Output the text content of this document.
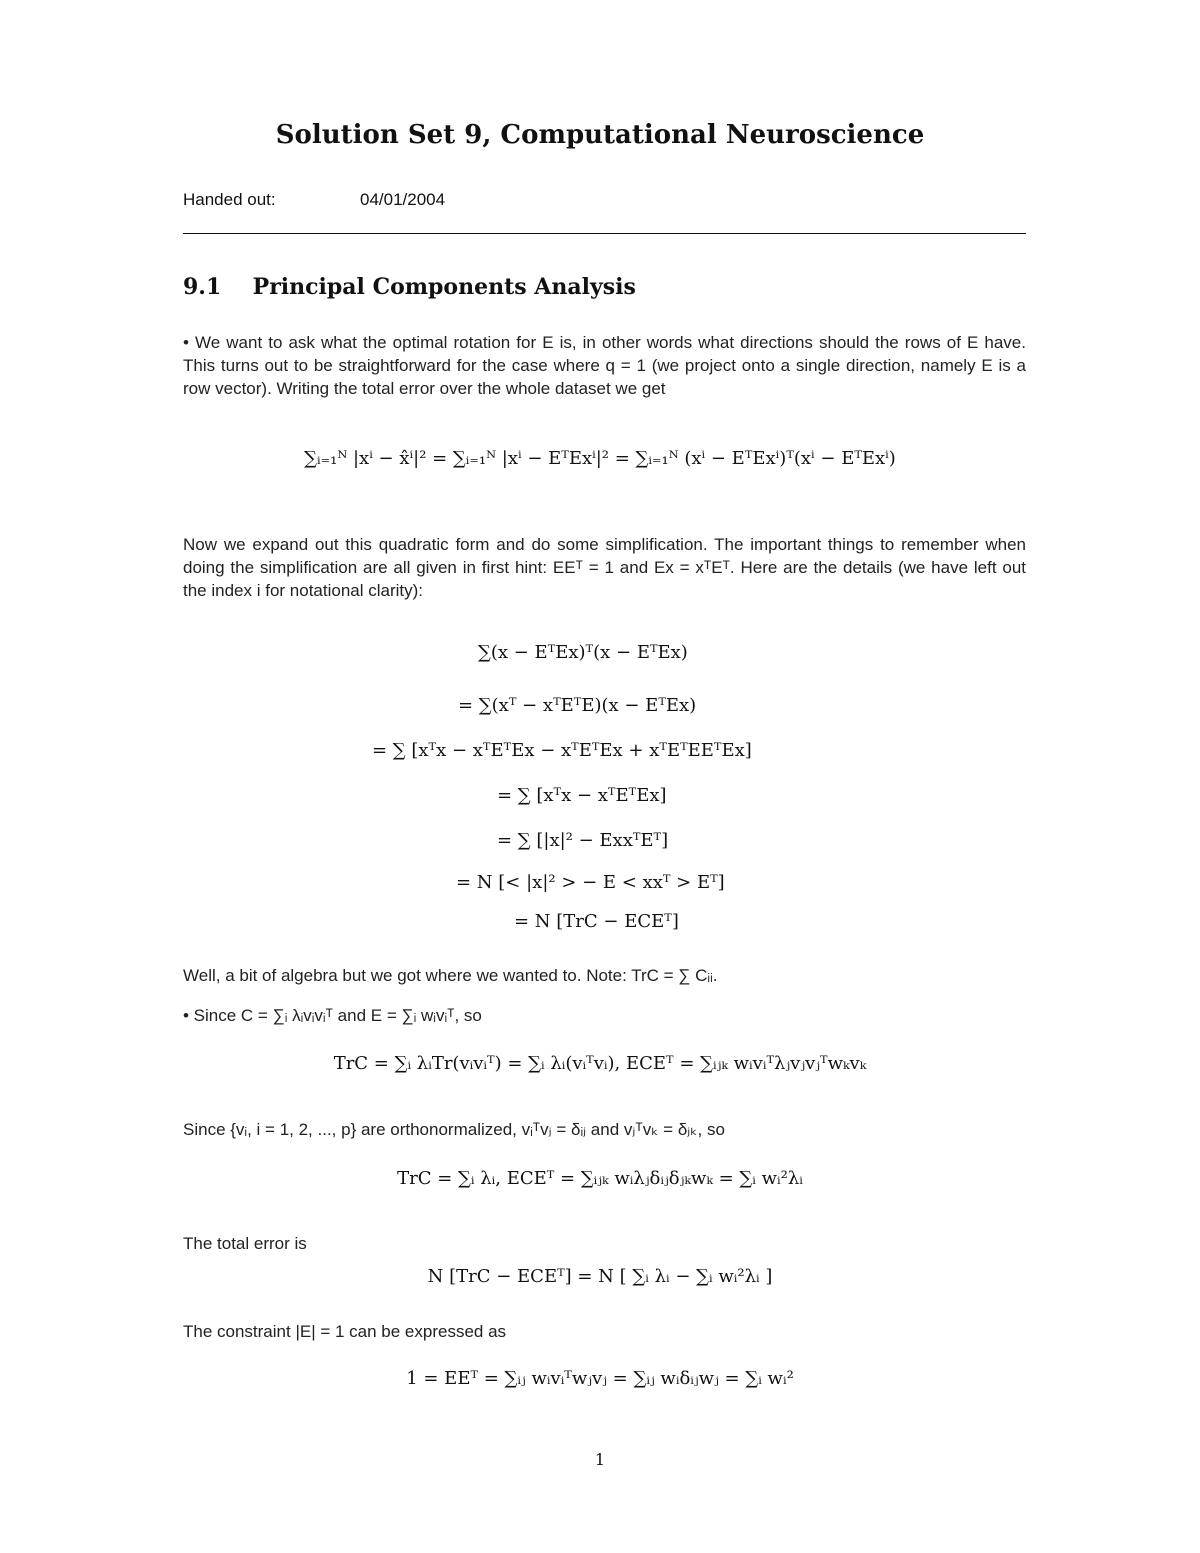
Solution Set 9, Computational Neuroscience
Handed out:	04/01/2004
9.1 Principal Components Analysis
• We want to ask what the optimal rotation for E is, in other words what directions should the rows of E have. This turns out to be straightforward for the case where q = 1 (we project onto a single direction, namely E is a row vector). Writing the total error over the whole dataset we get
∑ᵢ₌₁ᴺ |xⁱ − x̂ⁱ|² = ∑ᵢ₌₁ᴺ |xⁱ − EᵀExⁱ|² = ∑ᵢ₌₁ᴺ (xⁱ − EᵀExⁱ)ᵀ(xⁱ − EᵀExⁱ)
Now we expand out this quadratic form and do some simplification. The important things to remember when doing the simplification are all given in first hint: EEᵀ = 1 and Ex = xᵀEᵀ. Here are the details (we have left out the index i for notational clarity):
∑(x − EᵀEx)ᵀ(x − EᵀEx)
= ∑(xᵀ − xᵀEᵀE)(x − EᵀEx)
= ∑ [xᵀx − xᵀEᵀEx − xᵀEᵀEx + xᵀEᵀEEᵀEx]
= ∑ [xᵀx − xᵀEᵀEx]
= ∑ [|x|² − ExxᵀEᵀ]
= N [< |x|² > − E < xxᵀ > Eᵀ]
= N [TrC − ECEᵀ]
Well, a bit of algebra but we got where we wanted to. Note: TrC = ∑ Cᵢᵢ.
• Since C = ∑ᵢ λᵢvᵢvᵢᵀ and E = ∑ᵢ wᵢvᵢᵀ, so
TrC = ∑ᵢ λᵢTr(vᵢvᵢᵀ) = ∑ᵢ λᵢ(vᵢᵀvᵢ), ECEᵀ = ∑ᵢⱼₖ wᵢvᵢᵀλⱼvⱼvⱼᵀwₖvₖ
Since {vᵢ, i = 1, 2, ..., p} are orthonormalized, vᵢᵀvⱼ = δᵢⱼ and vⱼᵀvₖ = δⱼₖ, so
TrC = ∑ᵢ λᵢ, ECEᵀ = ∑ᵢⱼₖ wᵢλⱼδᵢⱼδⱼₖwₖ = ∑ᵢ wᵢ²λᵢ
The total error is
N [TrC − ECEᵀ] = N [ ∑ᵢ λᵢ − ∑ᵢ wᵢ²λᵢ ]
The constraint |E| = 1 can be expressed as
1 = EEᵀ = ∑ᵢⱼ wᵢvᵢᵀwⱼvⱼ = ∑ᵢⱼ wᵢδᵢⱼwⱼ = ∑ᵢ wᵢ²
1
